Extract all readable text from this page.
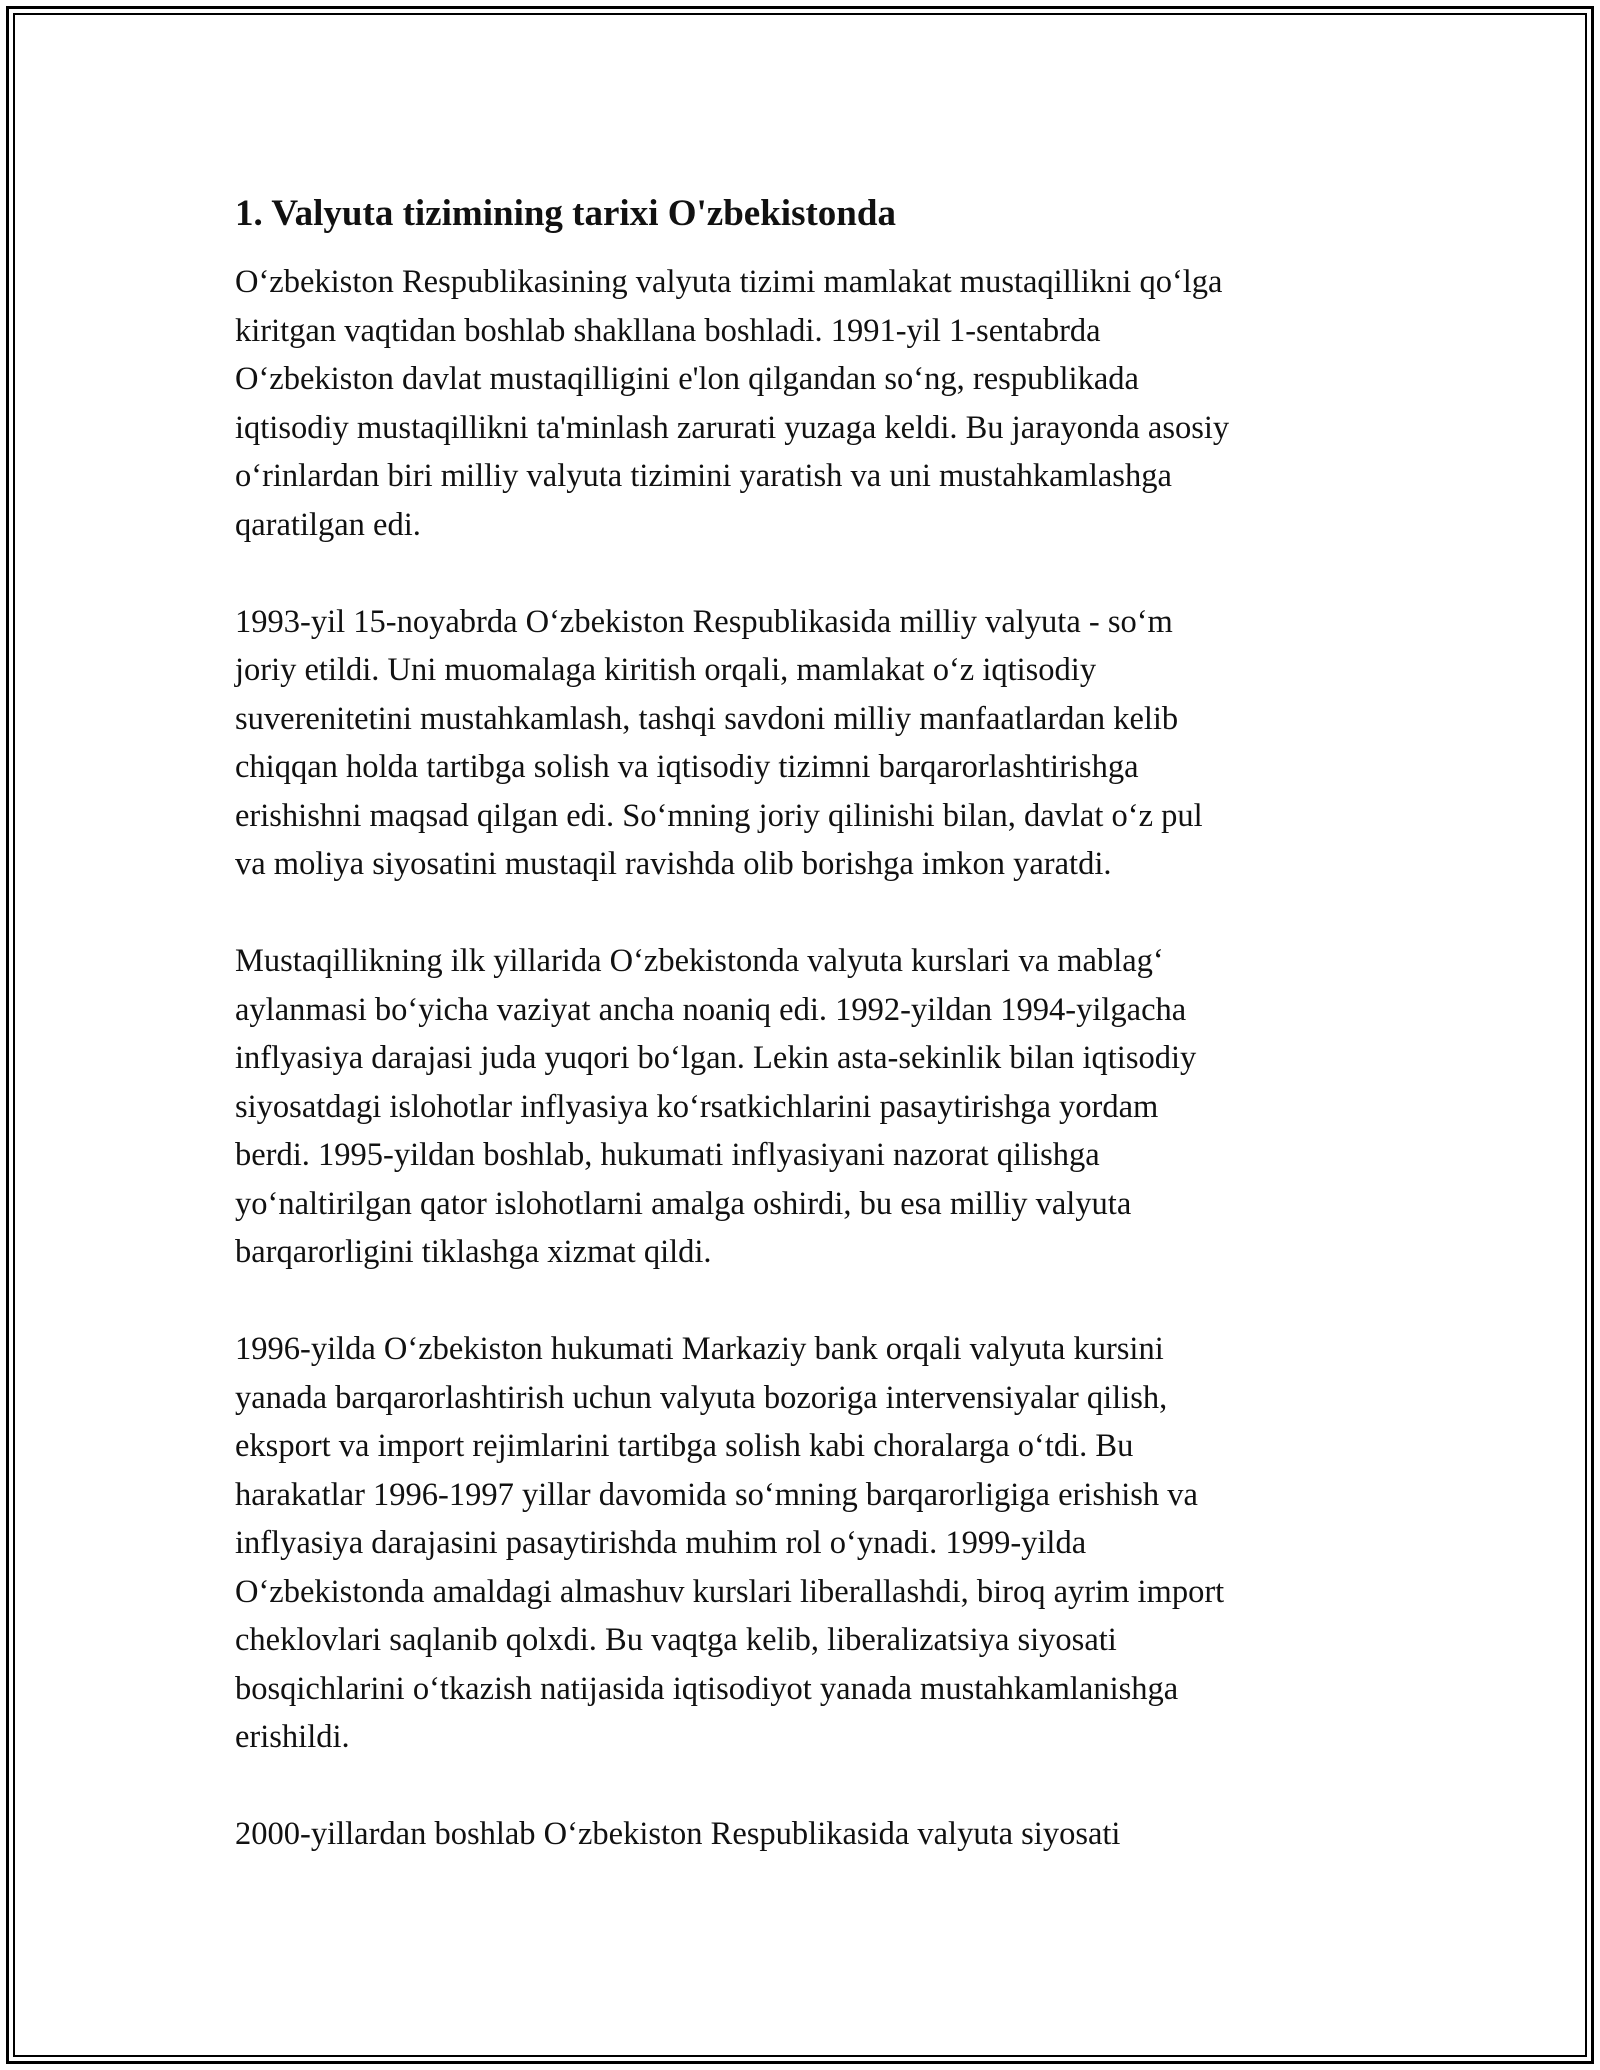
1. Valyuta tizimining tarixi O'zbekistonda

O‘zbekiston Respublikasining valyuta tizimi mamlakat mustaqillikni qo‘lga
kiritgan vaqtidan boshlab shakllana boshladi. 1991-yil 1-sentabrda
O‘zbekiston davlat mustaqilligini e'lon qilgandan so‘ng, respublikada
iqtisodiy mustaqillikni ta'minlash zarurati yuzaga keldi. Bu jarayonda asosiy
o‘rinlardan biri milliy valyuta tizimini yaratish va uni mustahkamlashga
qaratilgan edi.

1993-yil 15-noyabrda O‘zbekiston Respublikasida milliy valyuta - so‘m
joriy etildi. Uni muomalaga kiritish orqali, mamlakat o‘z iqtisodiy
suverenitetini mustahkamlash, tashqi savdoni milliy manfaatlardan kelib
chiqqan holda tartibga solish va iqtisodiy tizimni barqarorlashtirishga
erishishni maqsad qilgan edi. So‘mning joriy qilinishi bilan, davlat o‘z pul
va moliya siyosatini mustaqil ravishda olib borishga imkon yaratdi.

Mustaqillikning ilk yillarida O‘zbekistonda valyuta kurslari va mablag‘
aylanmasi bo‘yicha vaziyat ancha noaniq edi. 1992-yildan 1994-yilgacha
inflyasiya darajasi juda yuqori bo‘lgan. Lekin asta-sekinlik bilan iqtisodiy
siyosatdagi islohotlar inflyasiya ko‘rsatkichlarini pasaytirishga yordam
berdi. 1995-yildan boshlab, hukumati inflyasiyani nazorat qilishga
yo‘naltirilgan qator islohotlarni amalga oshirdi, bu esa milliy valyuta
barqarorligini tiklashga xizmat qildi.

1996-yilda O‘zbekiston hukumati Markaziy bank orqali valyuta kursini
yanada barqarorlashtirish uchun valyuta bozoriga intervensiyalar qilish,
eksport va import rejimlarini tartibga solish kabi choralarga o‘tdi. Bu
harakatlar 1996-1997 yillar davomida so‘mning barqarorligiga erishish va
inflyasiya darajasini pasaytirishda muhim rol o‘ynadi. 1999-yilda
O‘zbekistonda amaldagi almashuv kurslari liberallashdi, biroq ayrim import
cheklovlari saqlanib qolxdi. Bu vaqtga kelib, liberalizatsiya siyosati
bosqichlarini o‘tkazish natijasida iqtisodiyot yanada mustahkamlanishga
erishildi.

2000-yillardan boshlab O‘zbekiston Respublikasida valyuta siyosati
